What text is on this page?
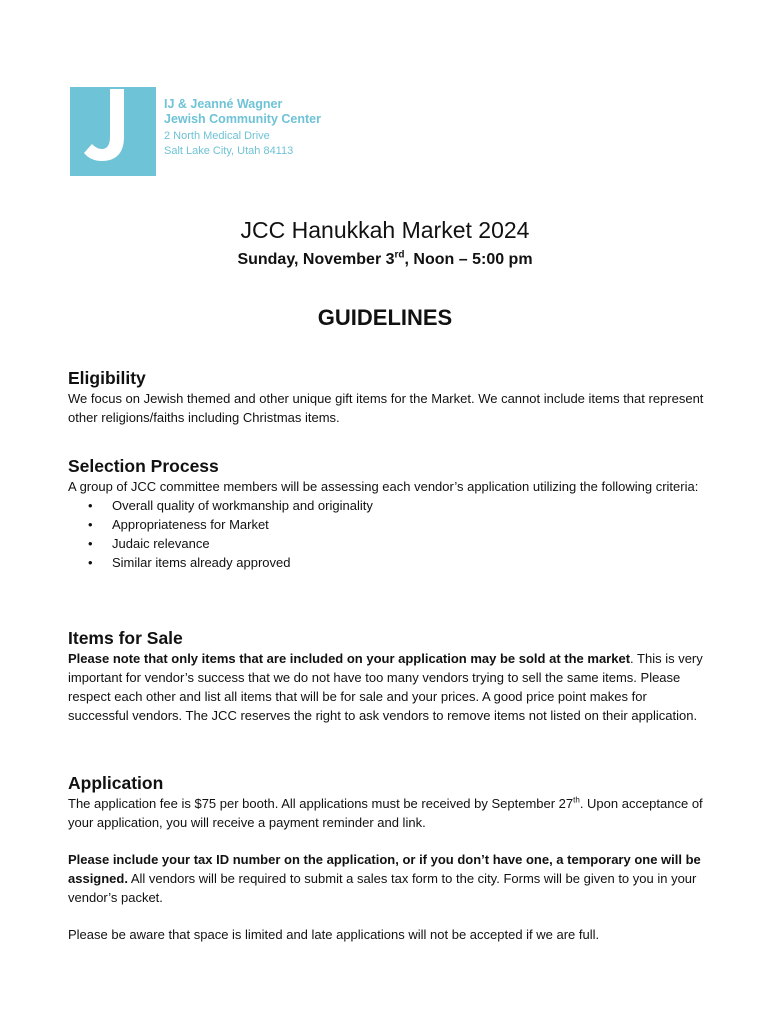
IJ & Jeanné Wagner
Jewish Community Center
2 North Medical Drive
Salt Lake City, Utah 84113
JCC Hanukkah Market 2024
Sunday, November 3rd, Noon – 5:00 pm
GUIDELINES
Eligibility

We focus on Jewish themed and other unique gift items for the Market. We cannot include items that represent other religions/faiths including Christmas items.

Selection Process

A group of JCC committee members will be assessing each vendor’s application utilizing the following criteria:

• Overall quality of workmanship and originality
• Appropriateness for Market
• Judaic relevance
• Similar items already approved
Items for Sale

Please note that only items that are included on your application may be sold at the market. This is very important for vendor’s success that we do not have too many vendors trying to sell the same items. Please respect each other and list all items that will be for sale and your prices. A good price point makes for successful vendors. The JCC reserves the right to ask vendors to remove items not listed on their application.

Application

The application fee is $75 per booth. All applications must be received by September 27th. Upon acceptance of your application, you will receive a payment reminder and link.

Please include your tax ID number on the application, or if you don’t have one, a temporary one will be assigned. All vendors will be required to submit a sales tax form to the city. Forms will be given to you in your vendor’s packet.

Please be aware that space is limited and late applications will not be accepted if we are full.
